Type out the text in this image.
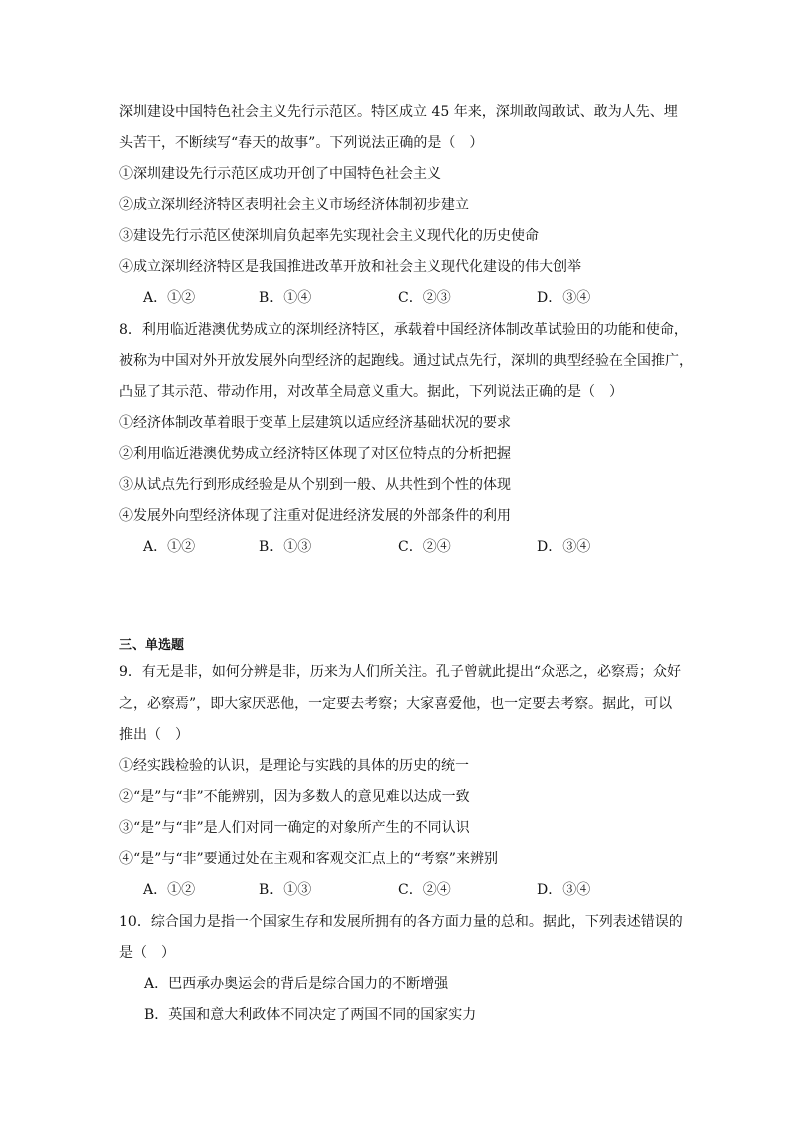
深圳建设中国特色社会主义先行示范区。特区成立 45 年来，深圳敢闯敢试、敢为人先、埋
头苦干，不断续写“春天的故事”。下列说法正确的是（　）
①深圳建设先行示范区成功开创了中国特色社会主义
②成立深圳经济特区表明社会主义市场经济体制初步建立
③建设先行示范区使深圳肩负起率先实现社会主义现代化的历史使命
④成立深圳经济特区是我国推进改革开放和社会主义现代化建设的伟大创举
A．①②	B．①④	C．②③	D．③④
8．利用临近港澳优势成立的深圳经济特区，承载着中国经济体制改革试验田的功能和使命，
被称为中国对外开放发展外向型经济的起跑线。通过试点先行，深圳的典型经验在全国推广，
凸显了其示范、带动作用，对改革全局意义重大。据此，下列说法正确的是（　）
①经济体制改革着眼于变革上层建筑以适应经济基础状况的要求
②利用临近港澳优势成立经济特区体现了对区位特点的分析把握
③从试点先行到形成经验是从个别到一般、从共性到个性的体现
④发展外向型经济体现了注重对促进经济发展的外部条件的利用
A．①②	B．①③	C．②④	D．③④
三、单选题
9．有无是非，如何分辨是非，历来为人们所关注。孔子曾就此提出“众恶之，必察焉；众好
之，必察焉”，即大家厌恶他，一定要去考察；大家喜爱他，也一定要去考察。据此，可以
推出（　）
①经实践检验的认识，是理论与实践的具体的历史的统一
②“是”与“非”不能辨别，因为多数人的意见难以达成一致
③“是”与“非”是人们对同一确定的对象所产生的不同认识
④“是”与“非”要通过处在主观和客观交汇点上的“考察”来辨别
A．①②	B．①③	C．②④	D．③④
10．综合国力是指一个国家生存和发展所拥有的各方面力量的总和。据此，下列表述错误的
是（　）
A．巴西承办奥运会的背后是综合国力的不断增强
B．英国和意大利政体不同决定了两国不同的国家实力
